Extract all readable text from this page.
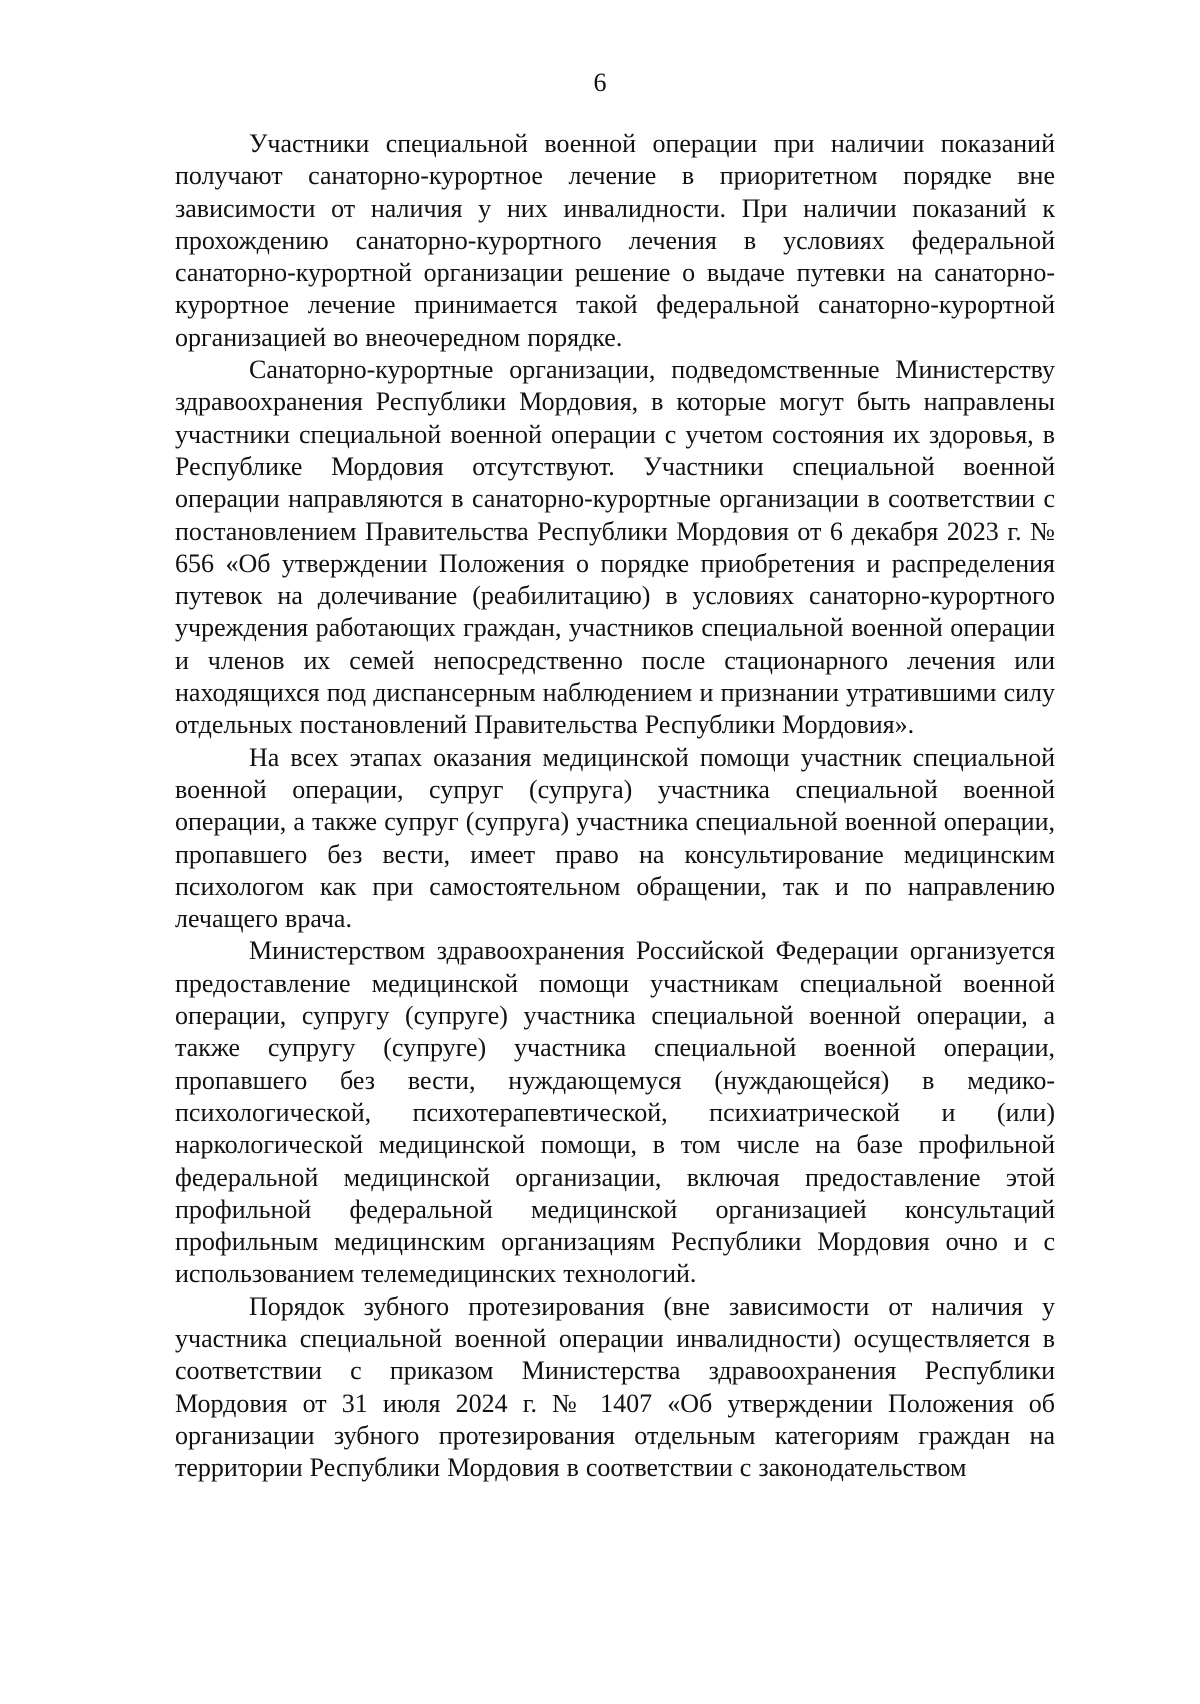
6

Участники специальной военной операции при наличии показаний получают санаторно-курортное лечение в приоритетном порядке вне зависимости от наличия у них инвалидности. При наличии показаний к прохождению санаторно-курортного лечения в условиях федеральной санаторно-курортной организации решение о выдаче путевки на санаторно-курортное лечение принимается такой федеральной санаторно-курортной организацией во внеочередном порядке.

Санаторно-курортные организации, подведомственные Министерству здравоохранения Республики Мордовия, в которые могут быть направлены участники специальной военной операции с учетом состояния их здоровья, в Республике Мордовия отсутствуют. Участники специальной военной операции направляются в санаторно-курортные организации в соответствии с постановлением Правительства Республики Мордовия от 6 декабря 2023 г. № 656 «Об утверждении Положения о порядке приобретения и распределения путевок на долечивание (реабилитацию) в условиях санаторно-курортного учреждения работающих граждан, участников специальной военной операции и членов их семей непосредственно после стационарного лечения или находящихся под диспансерным наблюдением и признании утратившими силу отдельных постановлений Правительства Республики Мордовия».

На всех этапах оказания медицинской помощи участник специальной военной операции, супруг (супруга) участника специальной военной операции, а также супруг (супруга) участника специальной военной операции, пропавшего без вести, имеет право на консультирование медицинским психологом как при самостоятельном обращении, так и по направлению лечащего врача.

Министерством здравоохранения Российской Федерации организуется предоставление медицинской помощи участникам специальной военной операции, супругу (супруге) участника специальной военной операции, а также супругу (супруге) участника специальной военной операции, пропавшего без вести, нуждающемуся (нуждающейся) в медико-психологической, психотерапевтической, психиатрической и (или) наркологической медицинской помощи, в том числе на базе профильной федеральной медицинской организации, включая предоставление этой профильной федеральной медицинской организацией консультаций профильным медицинским организациям Республики Мордовия очно и с использованием телемедицинских технологий.

Порядок зубного протезирования (вне зависимости от наличия у участника специальной военной операции инвалидности) осуществляется в соответствии с приказом Министерства здравоохранения Республики Мордовия от 31 июля 2024 г. № 1407 «Об утверждении Положения об организации зубного протезирования отдельным категориям граждан на территории Республики Мордовия в соответствии с законодательством
